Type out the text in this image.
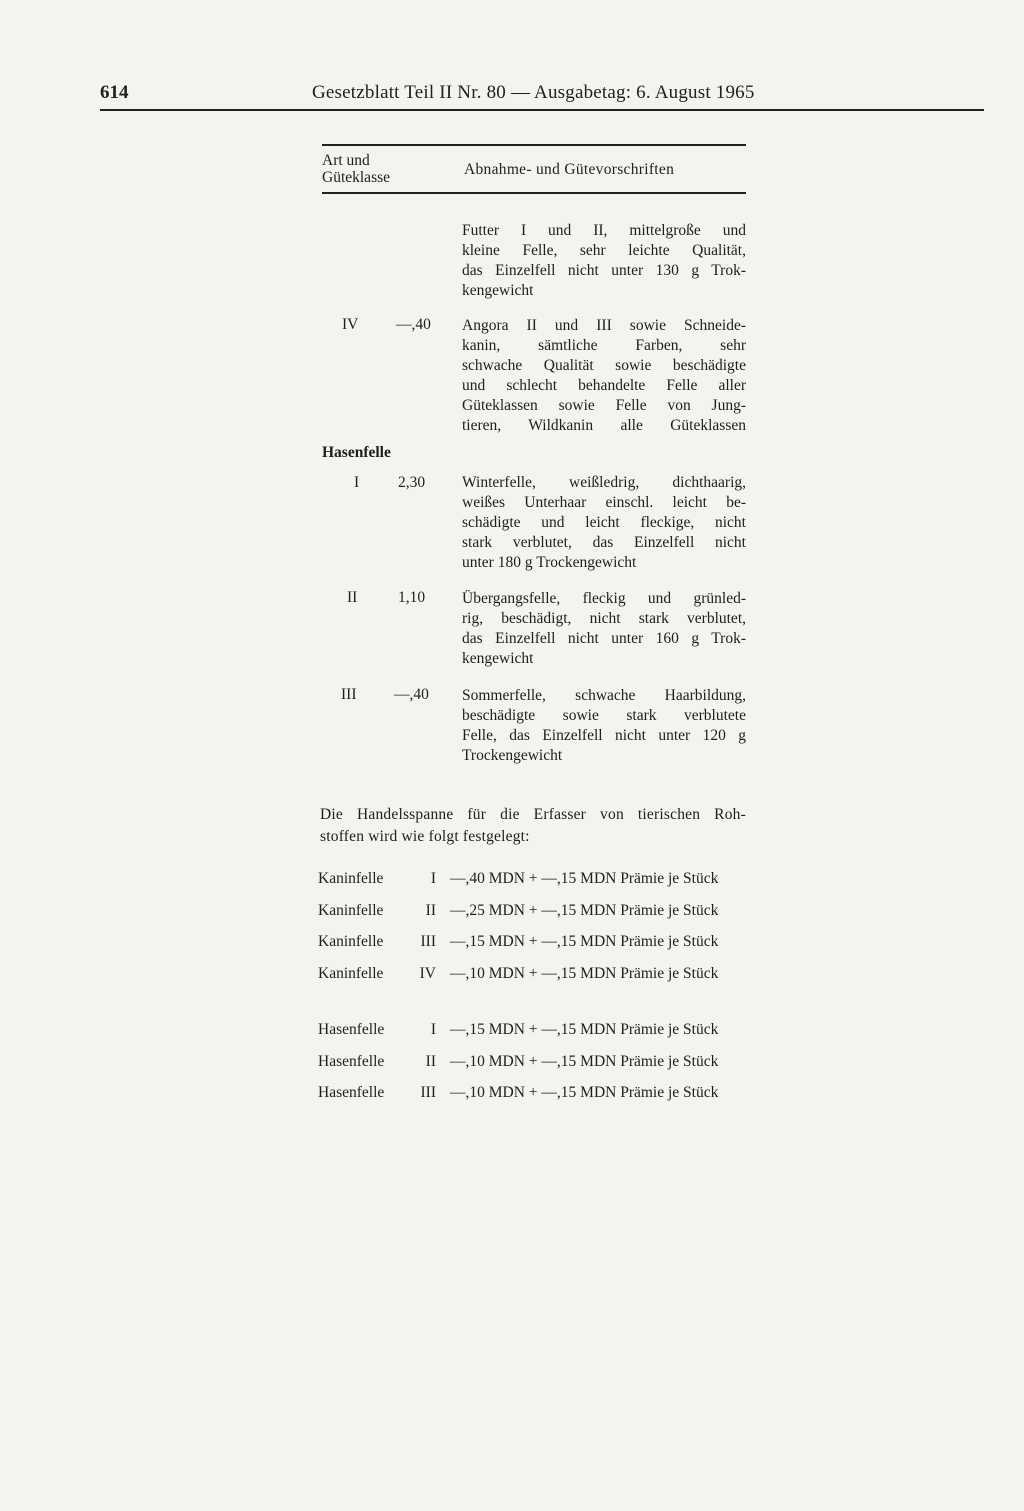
614	Gesetzblatt Teil II Nr. 80 — Ausgabetag: 6. August 1965
Art und
Güteklasse	Abnahme- und Gütevorschriften
Futter I und II, mittelgroße und
kleine Felle, sehr leichte Qualität,
das Einzelfell nicht unter 130 g Trok-
kengewicht
IV —,40 Angora II und III sowie Schneide-
kanin, sämtliche Farben, sehr
schwache Qualität sowie beschädigte
und schlecht behandelte Felle aller
Güteklassen sowie Felle von Jung-
tieren, Wildkanin alle Güteklassen
Hasenfelle
I	2,30 Winterfelle, weißledrig, dichthaarig,
weißes Unterhaar einschl. leicht be-
schädigte und leicht fleckige, nicht
stark verblutet, das Einzelfell nicht
unter 180 g Trockengewicht
II	1,10 Übergangsfelle, fleckig und grünled-
rig, beschädigt, nicht stark verblutet,
das Einzelfell nicht unter 160 g Trok-
kengewicht
III —,40 Sommerfelle, schwache Haarbildung,
beschädigte sowie stark verblutete
Felle, das Einzelfell nicht unter 120 g
Trockengewicht
Die Handelsspanne für die Erfasser von tierischen Roh-
stoffen wird wie folgt festgelegt:
Kaninfelle	I —,40 MDN + —,15 MDN Prämie je Stück
Kaninfelle	II —,25 MDN + —,15 MDN Prämie je Stück
Kaninfelle III —,15 MDN + —,15 MDN Prämie je Stück
Kaninfelle IV —,10 MDN + —,15 MDN Prämie je Stück
Hasenfelle	I —,15 MDN + —,15 MDN Prämie je Stück
Hasenfelle	II —,10 MDN + —,15 MDN Prämie je Stück
Hasenfelle III —,10 MDN + —,15 MDN Prämie je Stück
